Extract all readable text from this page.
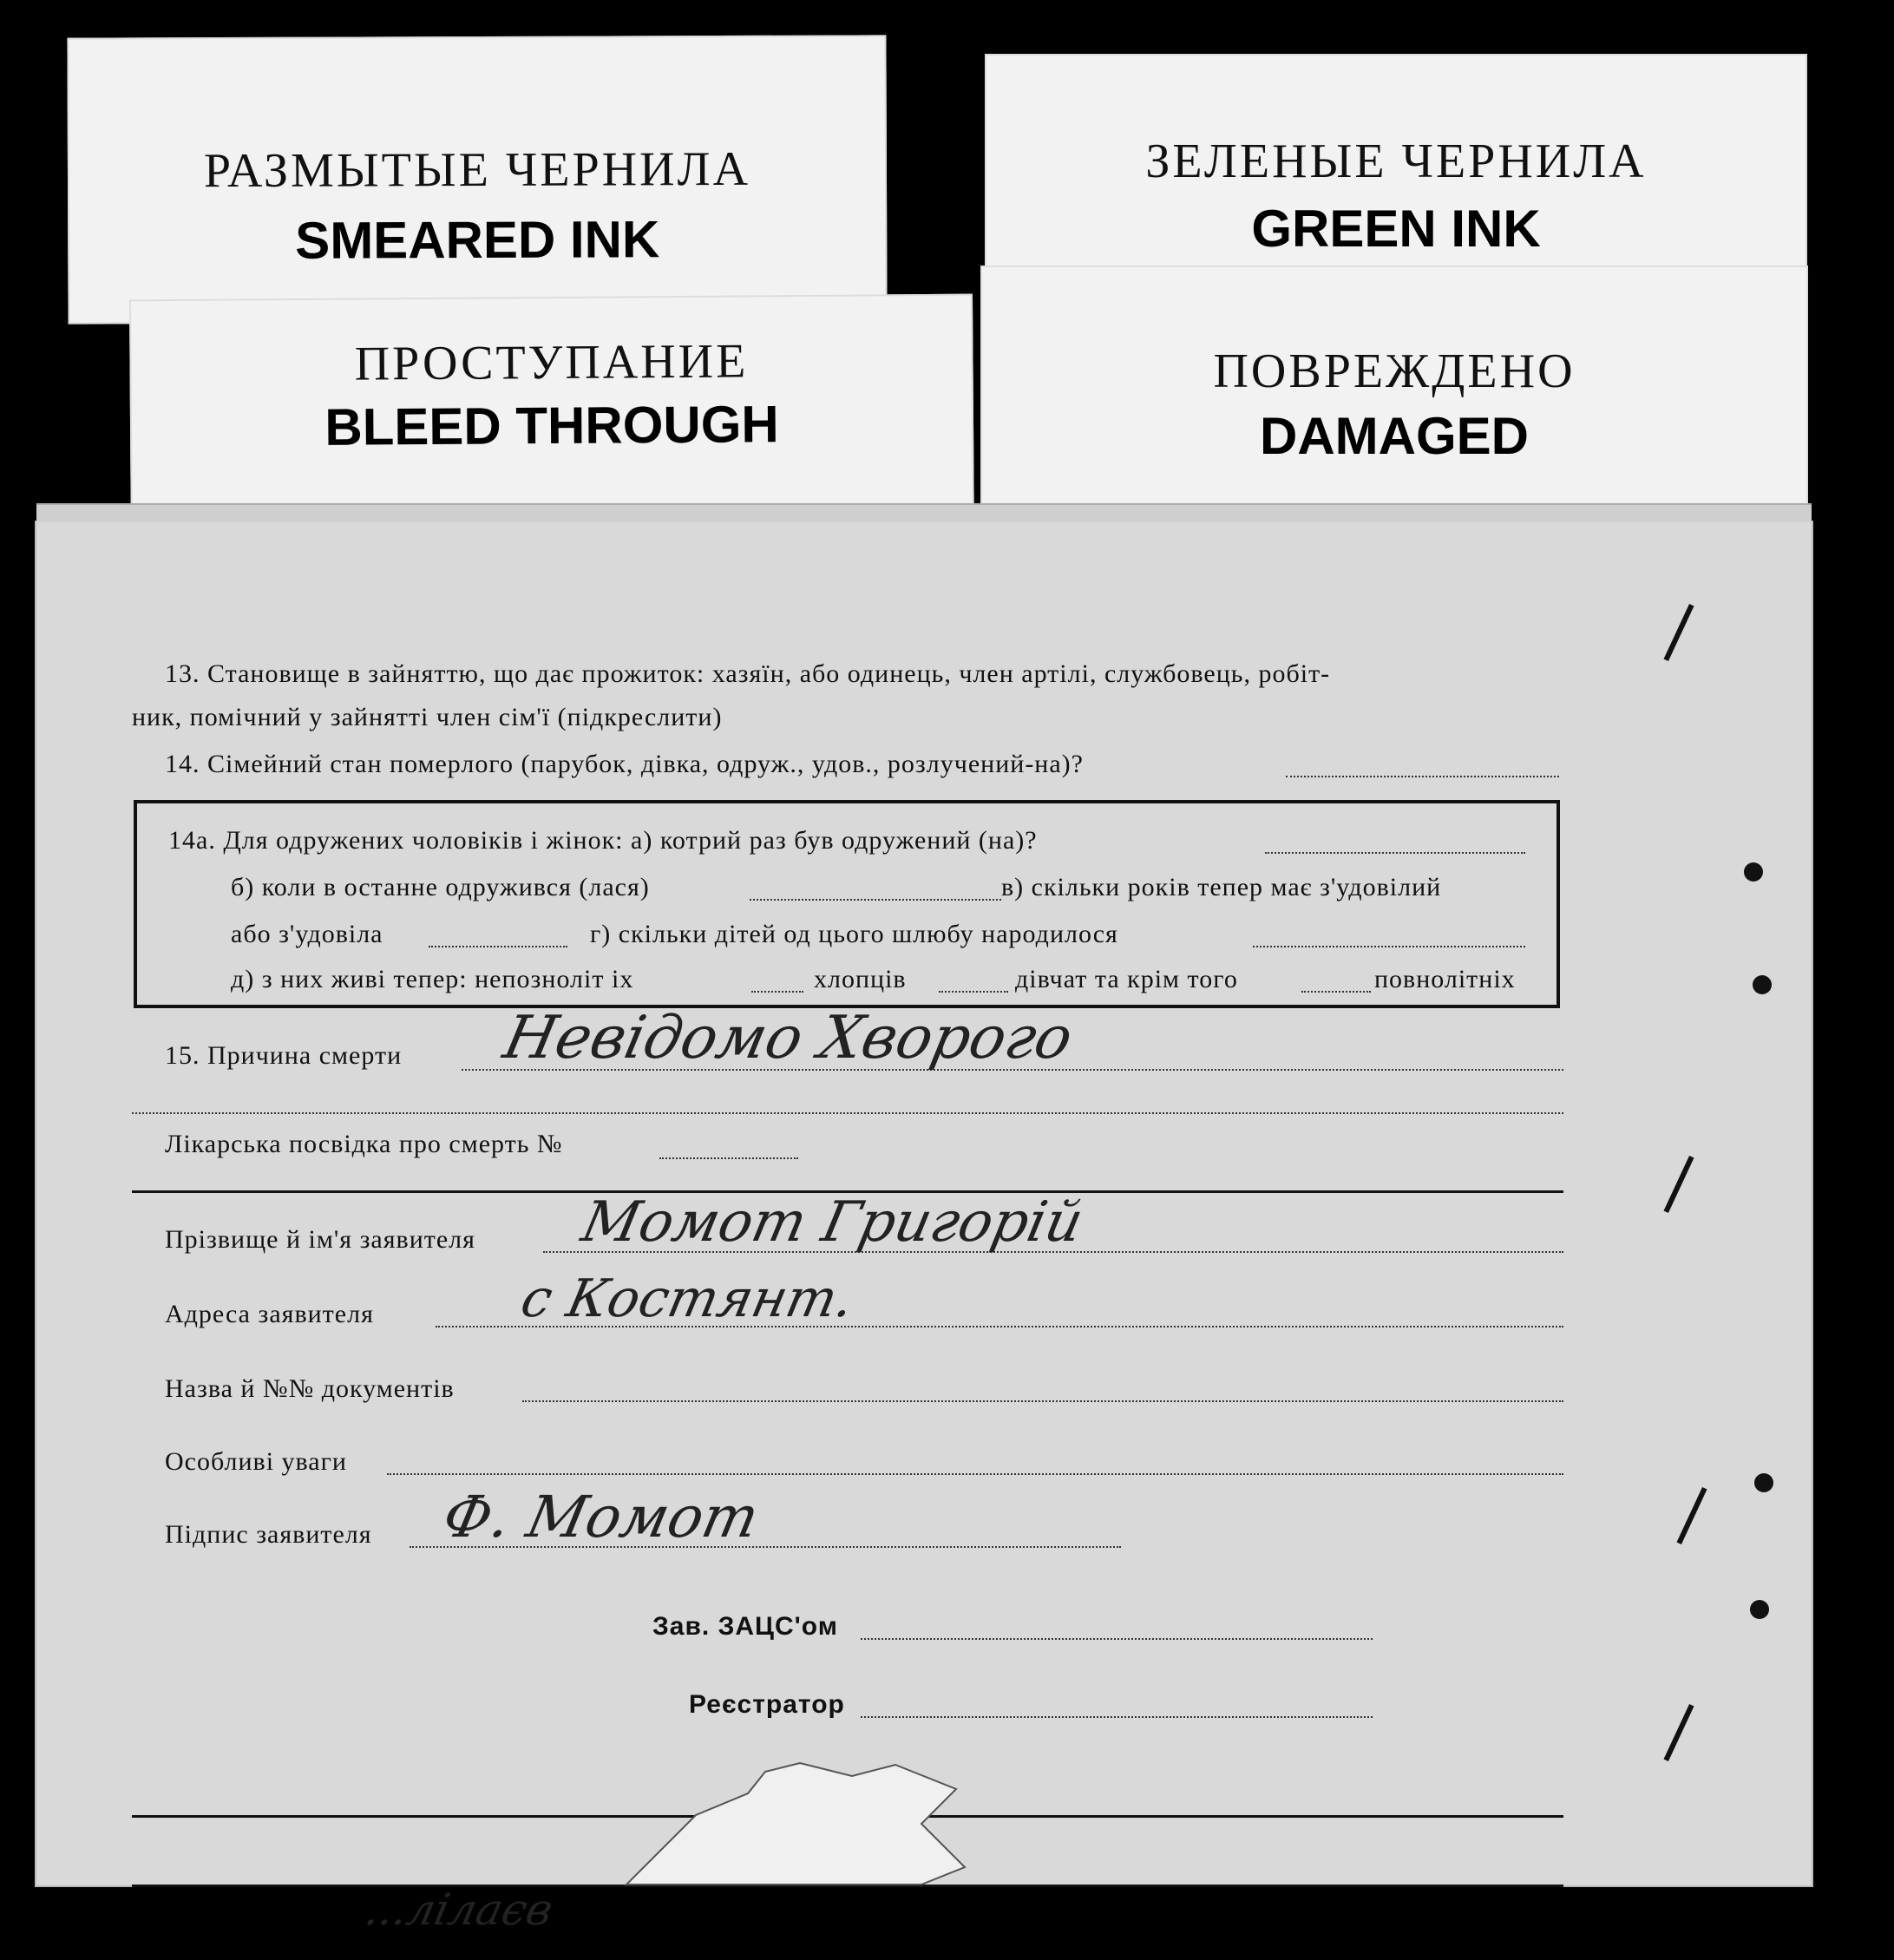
РАЗМЫТЫЕ ЧЕРНИЛА
SMEARED INK
ЗЕЛЕНЫЕ ЧЕРНИЛА
GREEN INK
ПОВРЕЖДЕНО
DAMAGED
ПРОСТУПАНИЕ
BLEED THROUGH
13. Становище в зайняттю, що дає прожиток: хазяїн, або одинець, член артілі, службовець, робіт-
ник, помічний у зайнятті член сім'ї (підкреслити)
14. Сімейний стан померлого (парубок, дівка, одруж., удов., розлучений-на)?
14а. Для одружених чоловіків і жінок: а) котрий раз був одружений (на)?
б) коли в останне одружився (лася)	в) скільки років тепер має з'удовілий
або з'удовіла	г) скільки дітей од цього шлюбу народилося
д) з них живі тепер: непозноліт іх	хлопців	дівчат та крім того	повнолітніх
15. Причина смерти Невідомо Хворого
Лікарська посвідка про смерть №
Прізвище й ім'я заявителя Момот Григорій
Адреса заявителя	с Костянт.
Назва й №№ документів
Особливі уваги
Підпис заявителя Ф. Момот
Зав. ЗАЦС'ом
Реєстратор
...лілаєв
